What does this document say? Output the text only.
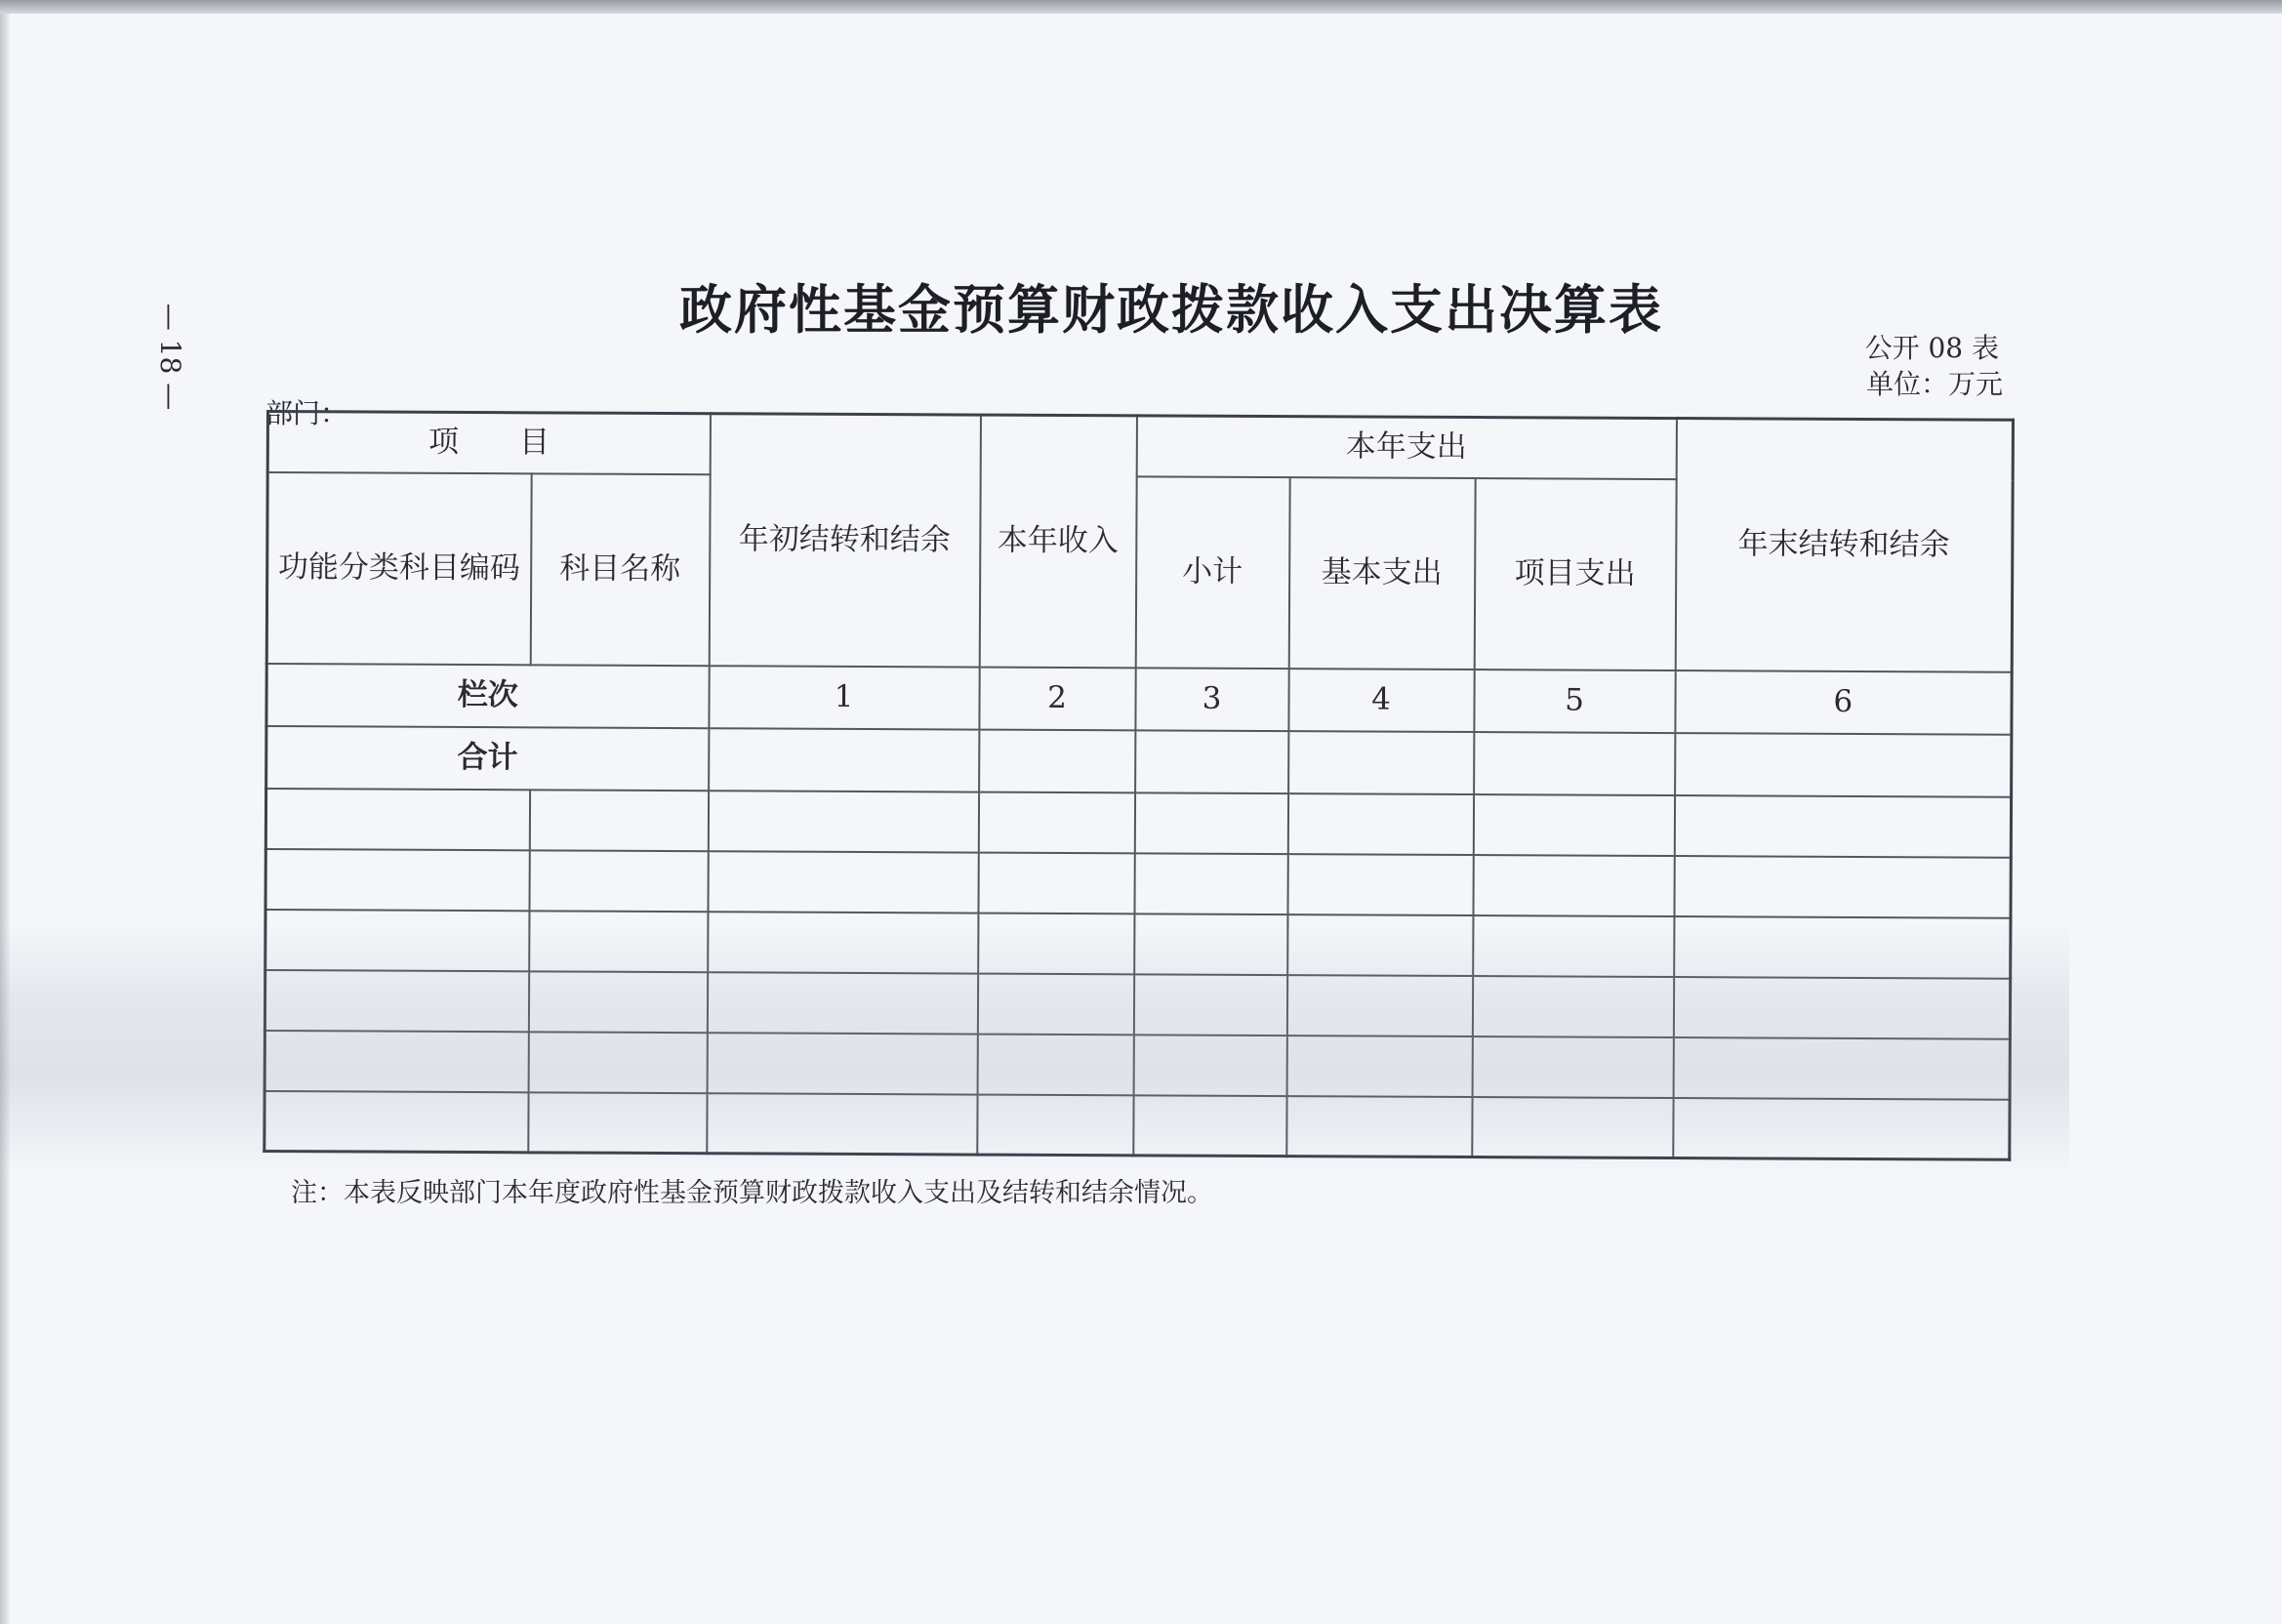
— 18 —	政府性基金预算财政拨款收入支出决算表
公开 08 表
单位：万元
部门：
项　　目		年初结转和结余	本年收入	本年支出			年末结转和结余
功能分类科目编码	科目名称			小计	基本支出	项目支出	
栏次		1	2	3	4	5	6
合计							

注：本表反映部门本年度政府性基金预算财政拨款收入支出及结转和结余情况。
